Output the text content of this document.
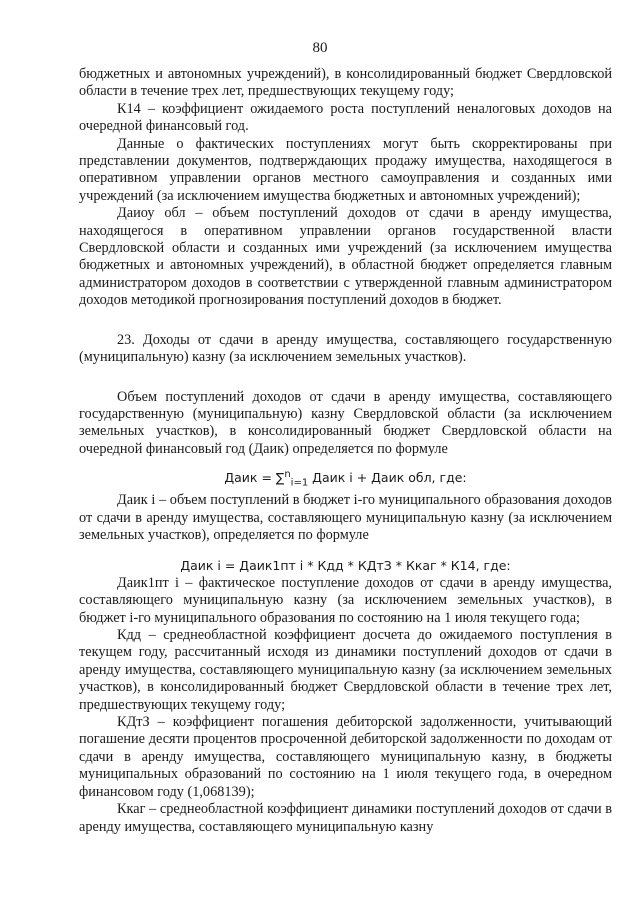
80

бюджетных и автономных учреждений), в консолидированный бюджет Свердловской области в течение трех лет, предшествующих текущему году;

К14 – коэффициент ожидаемого роста поступлений неналоговых доходов на очередной финансовый год.

Данные о фактических поступлениях могут быть скорректированы при представлении документов, подтверждающих продажу имущества, находящегося в оперативном управлении органов местного самоуправления и созданных ими учреждений (за исключением имущества бюджетных и автономных учреждений);

Даиоу обл – объем поступлений доходов от сдачи в аренду имущества, находящегося в оперативном управлении органов государственной власти Свердловской области и созданных ими учреждений (за исключением имущества бюджетных и автономных учреждений), в областной бюджет определяется главным администратором доходов в соответствии с утвержденной главным администратором доходов методикой прогнозирования поступлений доходов в бюджет.

23. Доходы от сдачи в аренду имущества, составляющего государственную (муниципальную) казну (за исключением земельных участков).

Объем поступлений доходов от сдачи в аренду имущества, составляющего государственную (муниципальную) казну Свердловской области (за исключением земельных участков), в консолидированный бюджет Свердловской области на очередной финансовый год (Даик) определяется по формуле

Даик = ∑$^n_{i=1}$ Даик i + Даик обл, где:

Даик i – объем поступлений в бюджет i-го муниципального образования доходов от сдачи в аренду имущества, составляющего муниципальную казну (за исключением земельных участков), определяется по формуле

Даик i = Даик1пт i * Кдд * КДтЗ * Ккаг * К14, где:

Даик1пт i – фактическое поступление доходов от сдачи в аренду имущества, составляющего муниципальную казну (за исключением земельных участков), в бюджет i-го муниципального образования по состоянию на 1 июля текущего года;

Кдд – среднеобластной коэффициент досчета до ожидаемого поступления в текущем году, рассчитанный исходя из динамики поступлений доходов от сдачи в аренду имущества, составляющего муниципальную казну (за исключением земельных участков), в консолидированный бюджет Свердловской области в течение трех лет, предшествующих текущему году;

КДтЗ – коэффициент погашения дебиторской задолженности, учитывающий погашение десяти процентов просроченной дебиторской задолженности по доходам от сдачи в аренду имущества, составляющего муниципальную казну, в бюджеты муниципальных образований по состоянию на 1 июля текущего года, в очередном финансовом году (1,068139);

Ккаг – среднеобластной коэффициент динамики поступлений доходов от сдачи в аренду имущества, составляющего муниципальную казну
